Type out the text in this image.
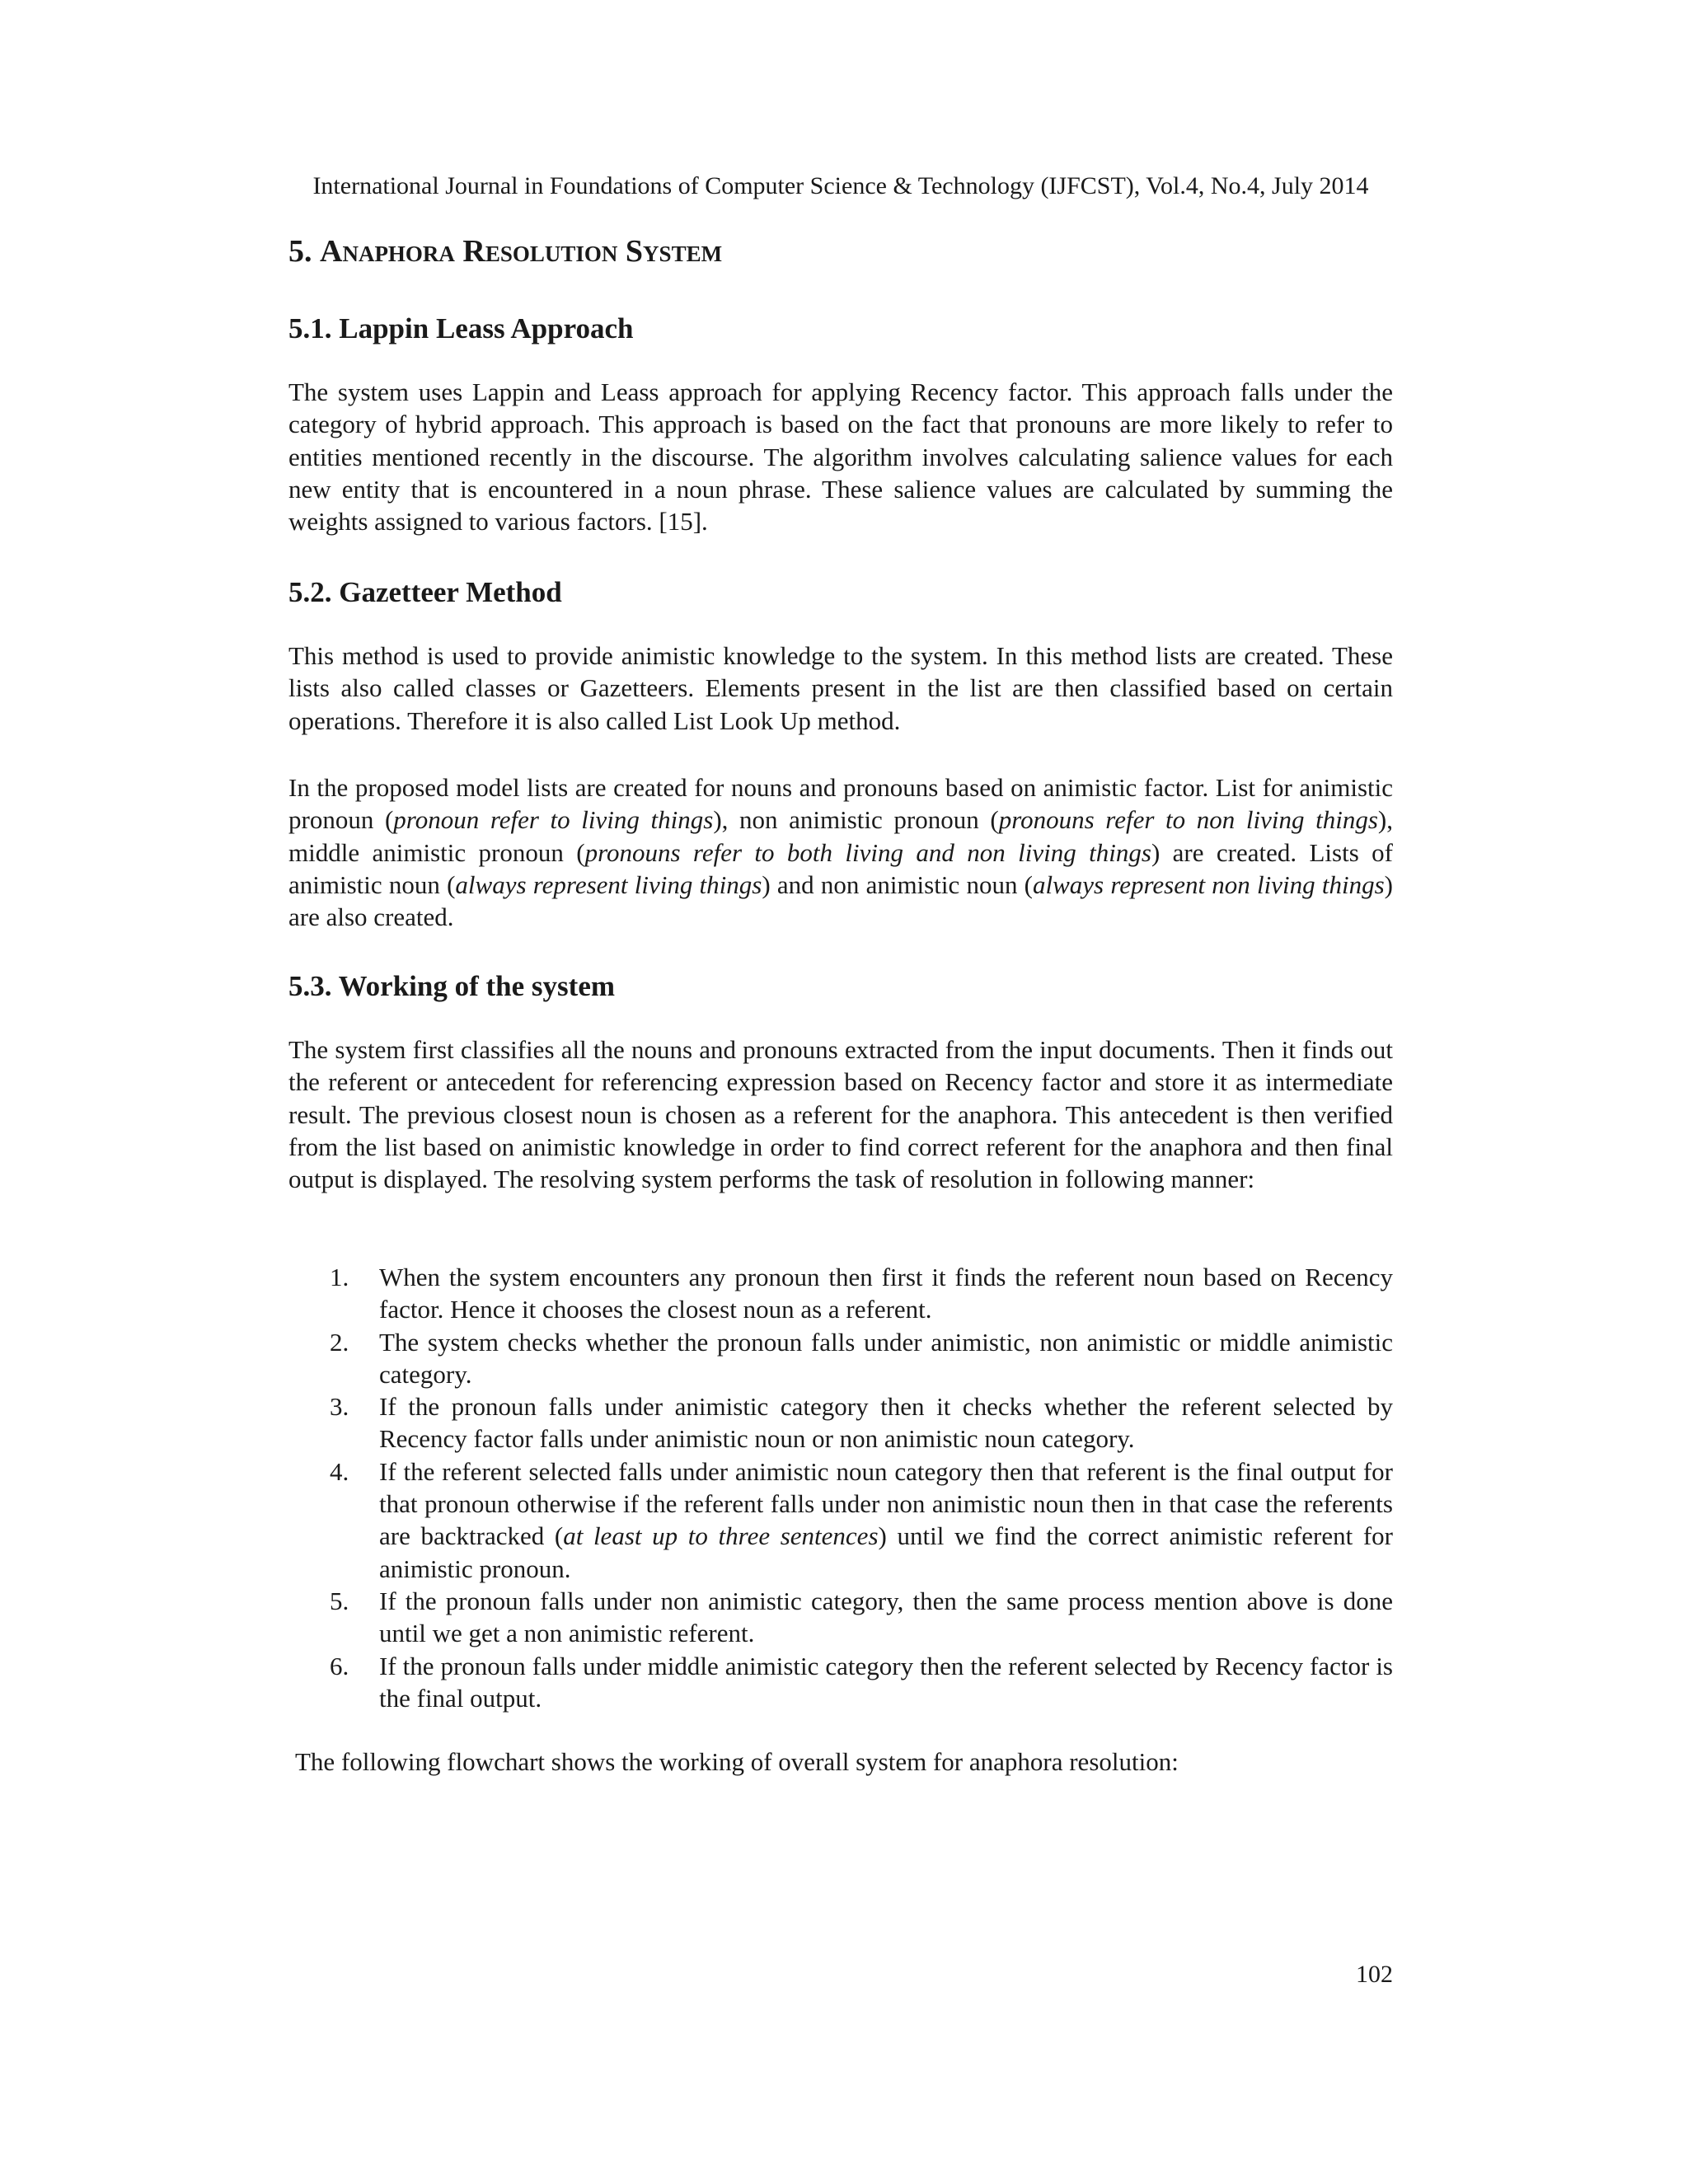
International Journal in Foundations of Computer Science & Technology (IJFCST), Vol.4, No.4, July 2014
5. Anaphora Resolution System
5.1. Lappin Leass Approach
The system uses Lappin and Leass approach for applying Recency factor. This approach falls under the category of hybrid approach. This approach is based on the fact that pronouns are more likely to refer to entities mentioned recently in the discourse. The algorithm involves calculating salience values for each new entity that is encountered in a noun phrase. These salience values are calculated by summing the weights assigned to various factors. [15].
5.2. Gazetteer Method
This method is used to provide animistic knowledge to the system. In this method lists are created. These lists also called classes or Gazetteers. Elements present in the list are then classified based on certain operations. Therefore it is also called List Look Up method.
In the proposed model lists are created for nouns and pronouns based on animistic factor. List for animistic pronoun (pronoun refer to living things), non animistic pronoun (pronouns refer to non living things), middle animistic pronoun (pronouns refer to both living and non living things) are created. Lists of animistic noun (always represent living things) and non animistic noun (always represent non living things) are also created.
5.3. Working of the system
The system first classifies all the nouns and pronouns extracted from the input documents. Then it finds out the referent or antecedent for referencing expression based on Recency factor and store it as intermediate result. The previous closest noun is chosen as a referent for the anaphora. This antecedent is then verified from the list based on animistic knowledge in order to find correct referent for the anaphora and then final output is displayed. The resolving system performs the task of resolution in following manner:
1. When the system encounters any pronoun then first it finds the referent noun based on Recency factor. Hence it chooses the closest noun as a referent.
2. The system checks whether the pronoun falls under animistic, non animistic or middle animistic category.
3. If the pronoun falls under animistic category then it checks whether the referent selected by Recency factor falls under animistic noun or non animistic noun category.
4. If the referent selected falls under animistic noun category then that referent is the final output for that pronoun otherwise if the referent falls under non animistic noun then in that case the referents are backtracked (at least up to three sentences) until we find the correct animistic referent for animistic pronoun.
5. If the pronoun falls under non animistic category, then the same process mention above is done until we get a non animistic referent.
6. If the pronoun falls under middle animistic category then the referent selected by Recency factor is the final output.
The following flowchart shows the working of overall system for anaphora resolution:
102
